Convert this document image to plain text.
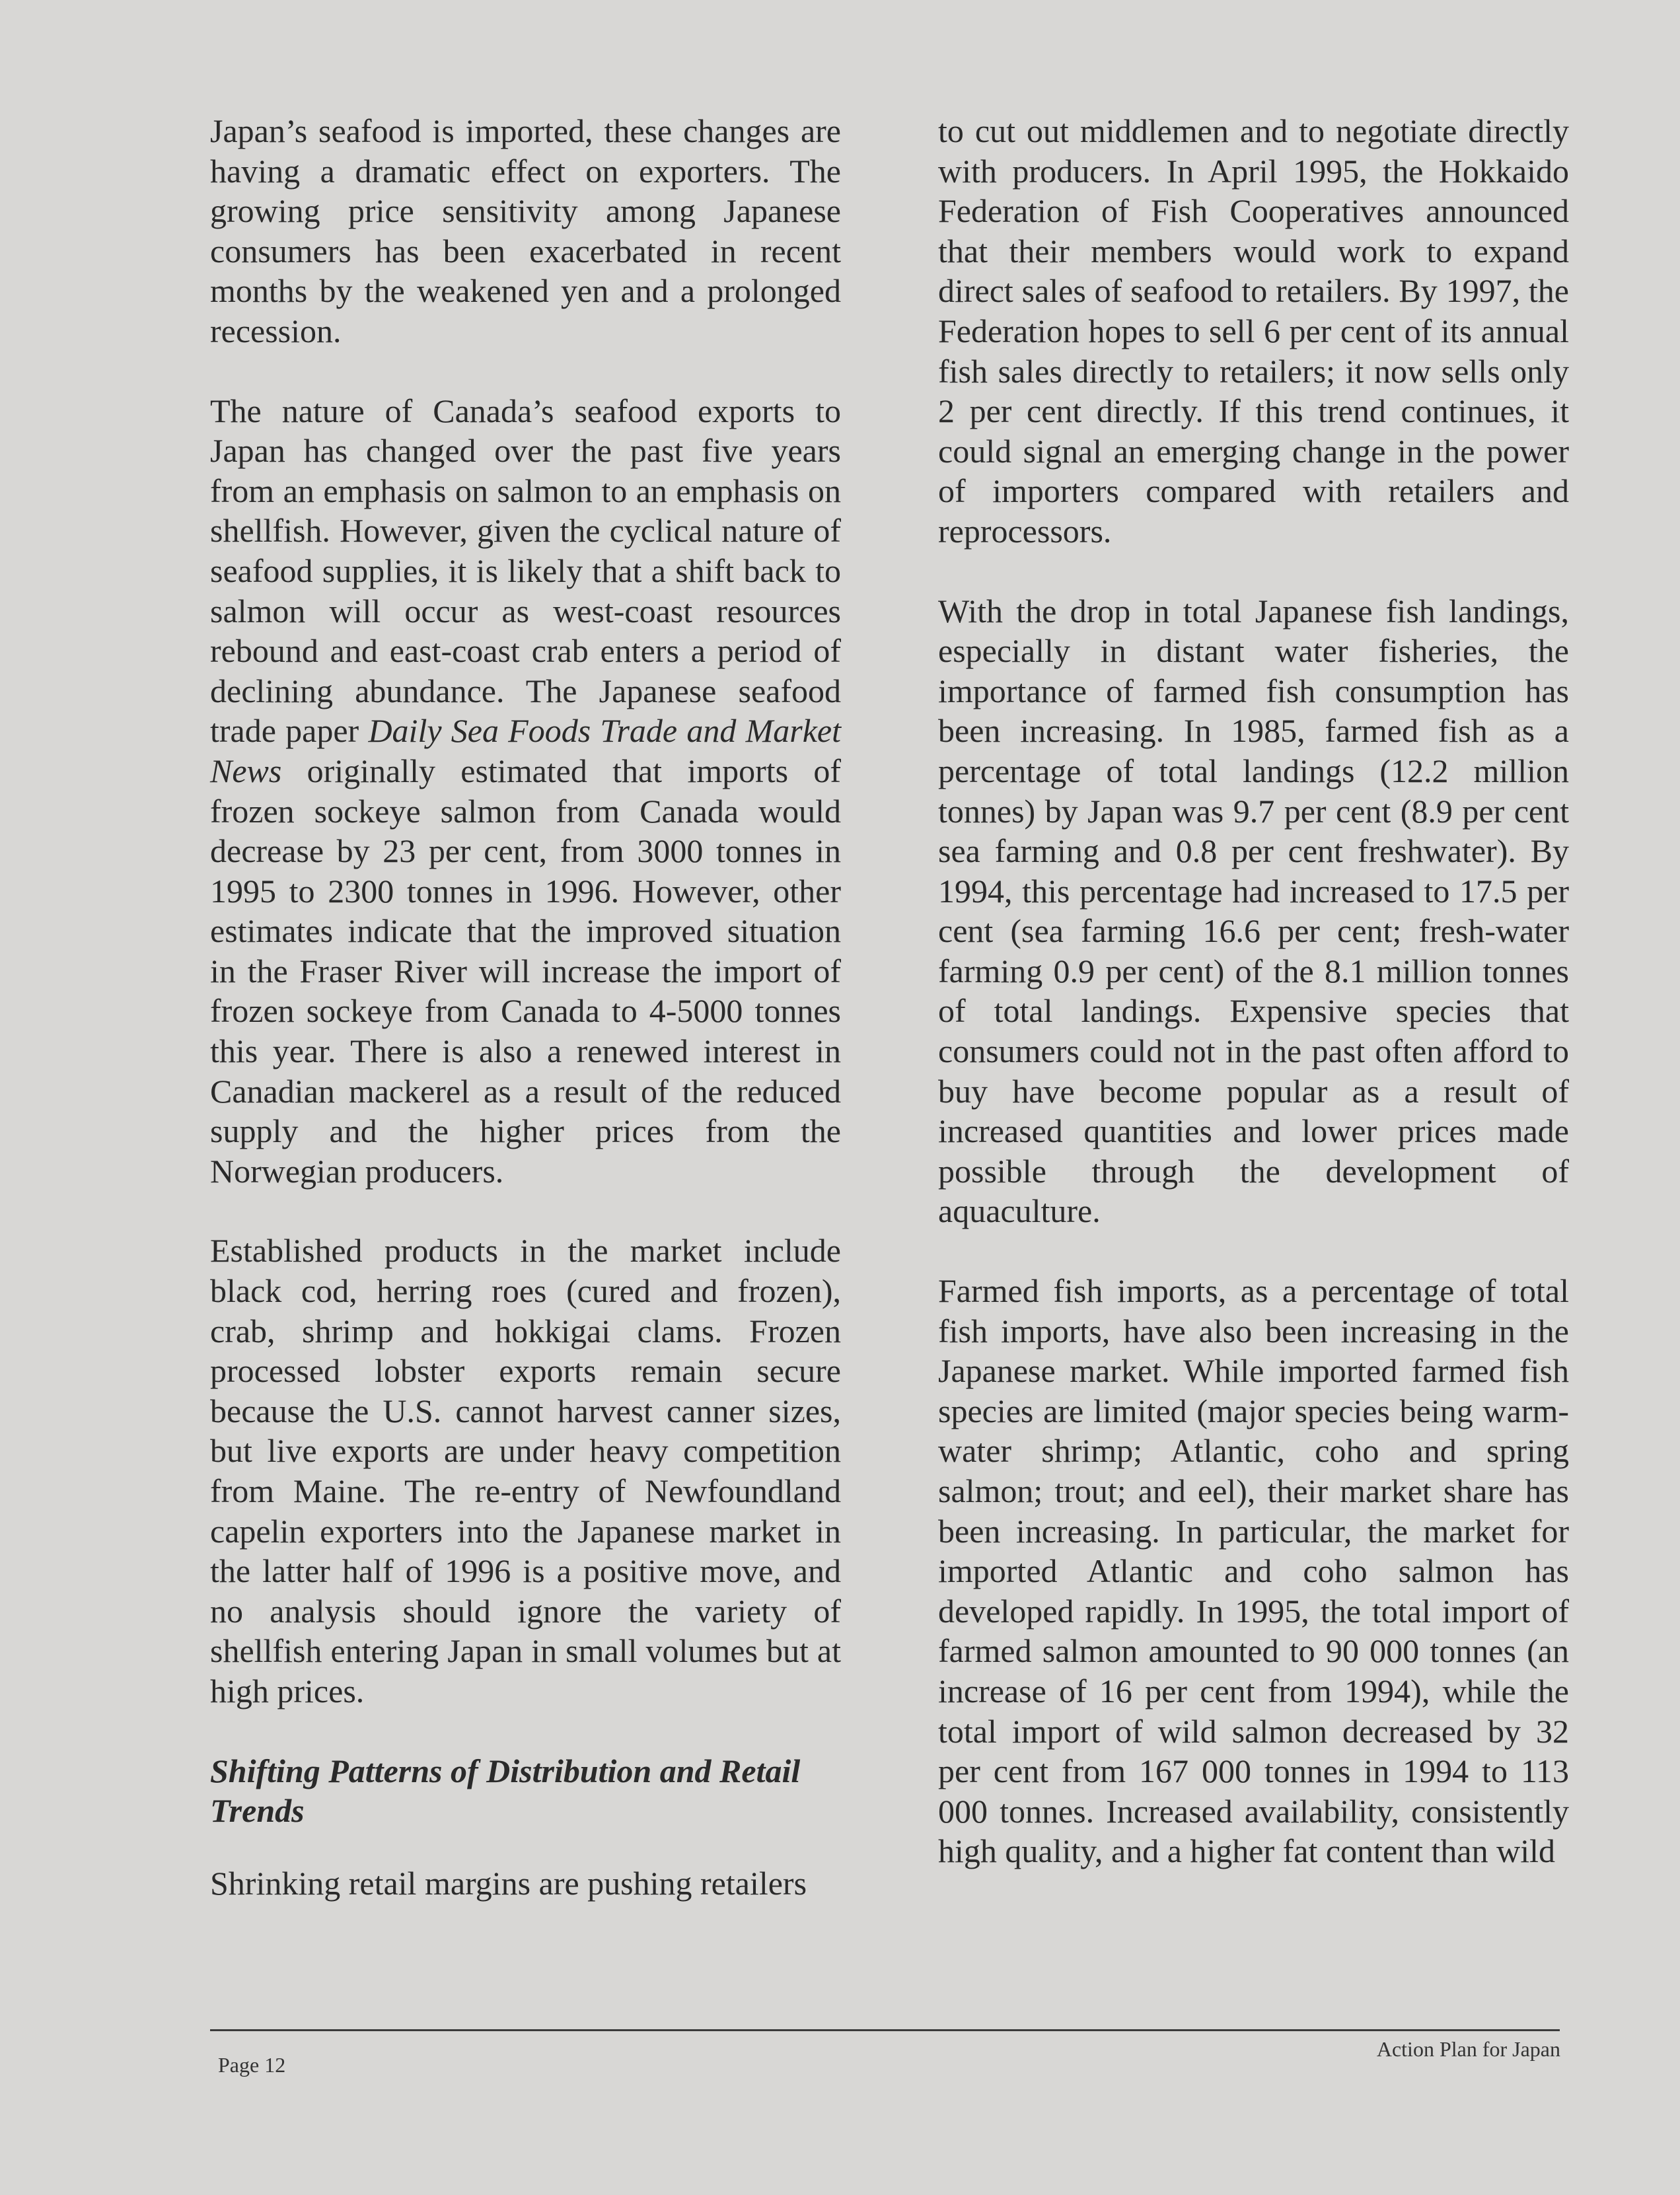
Japan’s seafood is imported, these changes are having a dramatic effect on exporters. The growing price sensitivity among Japanese consumers has been exacerbated in recent months by the weakened yen and a prolonged recession.

The nature of Canada’s seafood exports to Japan has changed over the past five years from an emphasis on salmon to an emphasis on shellfish. However, given the cyclical nature of seafood supplies, it is likely that a shift back to salmon will occur as west-coast resources rebound and east-coast crab enters a period of declining abundance. The Japanese seafood trade paper Daily Sea Foods Trade and Market News originally estimated that imports of frozen sockeye salmon from Canada would decrease by 23 per cent, from 3000 tonnes in 1995 to 2300 tonnes in 1996. However, other estimates indicate that the improved situation in the Fraser River will increase the import of frozen sockeye from Canada to 4-5000 tonnes this year. There is also a renewed interest in Canadian mackerel as a result of the reduced supply and the higher prices from the Norwegian producers.

Established products in the market include black cod, herring roes (cured and frozen), crab, shrimp and hokkigai clams. Frozen processed lobster exports remain secure because the U.S. cannot harvest canner sizes, but live exports are under heavy competition from Maine. The re-entry of Newfoundland capelin exporters into the Japanese market in the latter half of 1996 is a positive move, and no analysis should ignore the variety of shellfish entering Japan in small volumes but at high prices.

Shifting Patterns of Distribution and Retail Trends

Shrinking retail margins are pushing retailers

to cut out middlemen and to negotiate directly with producers. In April 1995, the Hokkaido Federation of Fish Cooperatives announced that their members would work to expand direct sales of seafood to retailers. By 1997, the Federation hopes to sell 6 per cent of its annual fish sales directly to retailers; it now sells only 2 per cent directly. If this trend continues, it could signal an emerging change in the power of importers compared with retailers and reprocessors.

With the drop in total Japanese fish landings, especially in distant water fisheries, the importance of farmed fish consumption has been increasing. In 1985, farmed fish as a percentage of total landings (12.2 million tonnes) by Japan was 9.7 per cent (8.9 per cent sea farming and 0.8 per cent freshwater). By 1994, this percentage had increased to 17.5 per cent (sea farming 16.6 per cent; fresh-water farming 0.9 per cent) of the 8.1 million tonnes of total landings. Expensive species that consumers could not in the past often afford to buy have become popular as a result of increased quantities and lower prices made possible through the development of aquaculture.

Farmed fish imports, as a percentage of total fish imports, have also been increasing in the Japanese market. While imported farmed fish species are limited (major species being warm-water shrimp; Atlantic, coho and spring salmon; trout; and eel), their market share has been increasing. In particular, the market for imported Atlantic and coho salmon has developed rapidly. In 1995, the total import of farmed salmon amounted to 90 000 tonnes (an increase of 16 per cent from 1994), while the total import of wild salmon decreased by 32 per cent from 167 000 tonnes in 1994 to 113 000 tonnes. Increased availability, consistently high quality, and a higher fat content than wild

Page 12
Action Plan for Japan
